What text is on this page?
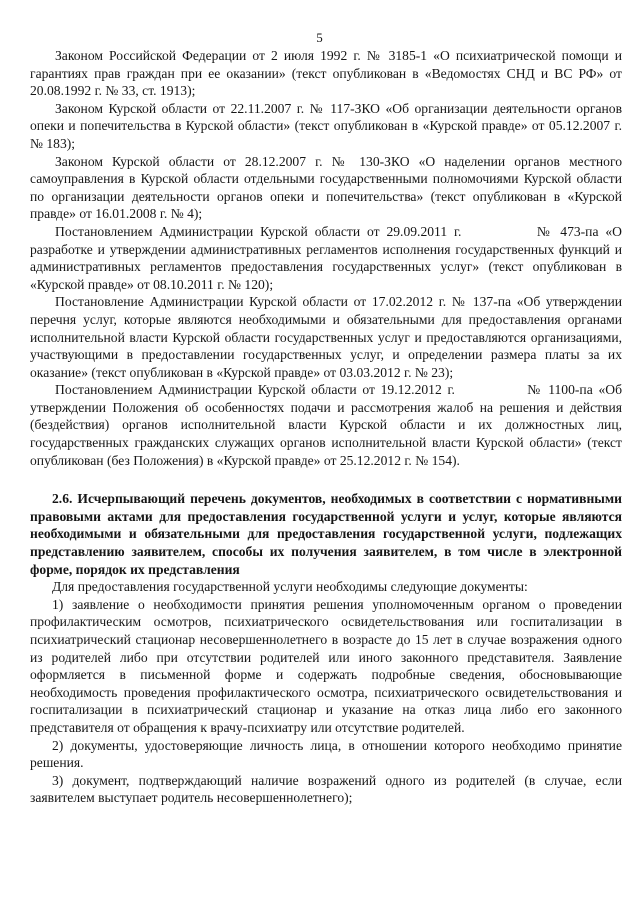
5

Законом Российской Федерации от 2 июля 1992 г. № 3185-1 «О психиатрической помощи и гарантиях прав граждан при ее оказании» (текст опубликован в «Ведомостях СНД и ВС РФ» от 20.08.1992 г. № 33, ст. 1913);

Законом Курской области от 22.11.2007 г. № 117-ЗКО «Об организации деятельности органов опеки и попечительства в Курской области» (текст опубликован в «Курской правде» от 05.12.2007 г. № 183);

Законом Курской области от 28.12.2007 г. № 130-ЗКО «О наделении органов местного самоуправления в Курской области отдельными государственными полномочиями Курской области по организации деятельности органов опеки и попечительства» (текст опубликован в «Курской правде» от 16.01.2008 г. № 4);

Постановлением Администрации Курской области от 29.09.2011 г.	№ 473-па «О разработке и утверждении административных регламентов исполнения государственных функций и административных регламентов предоставления государственных услуг» (текст опубликован в «Курской правде» от 08.10.2011 г. № 120);

Постановление Администрации Курской области от 17.02.2012 г. № 137-па «Об утверждении перечня услуг, которые являются необходимыми и обязательными для предоставления органами исполнительной власти Курской области государственных услуг и предоставляются организациями, участвующими в предоставлении государственных услуг, и определении размера платы за их оказание» (текст опубликован в «Курской правде» от 03.03.2012 г. № 23);

Постановлением Администрации Курской области от 19.12.2012 г.	№ 1100-па «Об утверждении Положения об особенностях подачи и рассмотрения жалоб на решения и действия (бездействия) органов исполнительной власти Курской области и их должностных лиц, государственных гражданских служащих органов исполнительной власти Курской области» (текст опубликован (без Положения) в «Курской правде» от 25.12.2012 г. № 154).

2.6. Исчерпывающий перечень документов, необходимых в соответствии с нормативными правовыми актами для предоставления государственной услуги и услуг, которые являются необходимыми и обязательными для предоставления государственной услуги, подлежащих представлению заявителем, способы их получения заявителем, в том числе в электронной форме, порядок их представления

Для предоставления государственной услуги необходимы следующие документы:

1) заявление о необходимости принятия решения уполномоченным органом о проведении профилактическим осмотров, психиатрического освидетельствования или госпитализации в психиатрический стационар несовершеннолетнего в возрасте до 15 лет в случае возражения одного из родителей либо при отсутствии родителей или иного законного представителя. Заявление оформляется в письменной форме и содержать подробные сведения, обосновывающие необходимость проведения профилактического осмотра, психиатрического освидетельствования и госпитализации в психиатрический стационар и указание на отказ лица либо его законного представителя от обращения к врачу-психиатру или отсутствие родителей.

2) документы, удостоверяющие личность лица, в отношении которого необходимо принятие решения.

3) документ, подтверждающий наличие возражений одного из родителей (в случае, если заявителем выступает родитель несовершеннолетнего);
